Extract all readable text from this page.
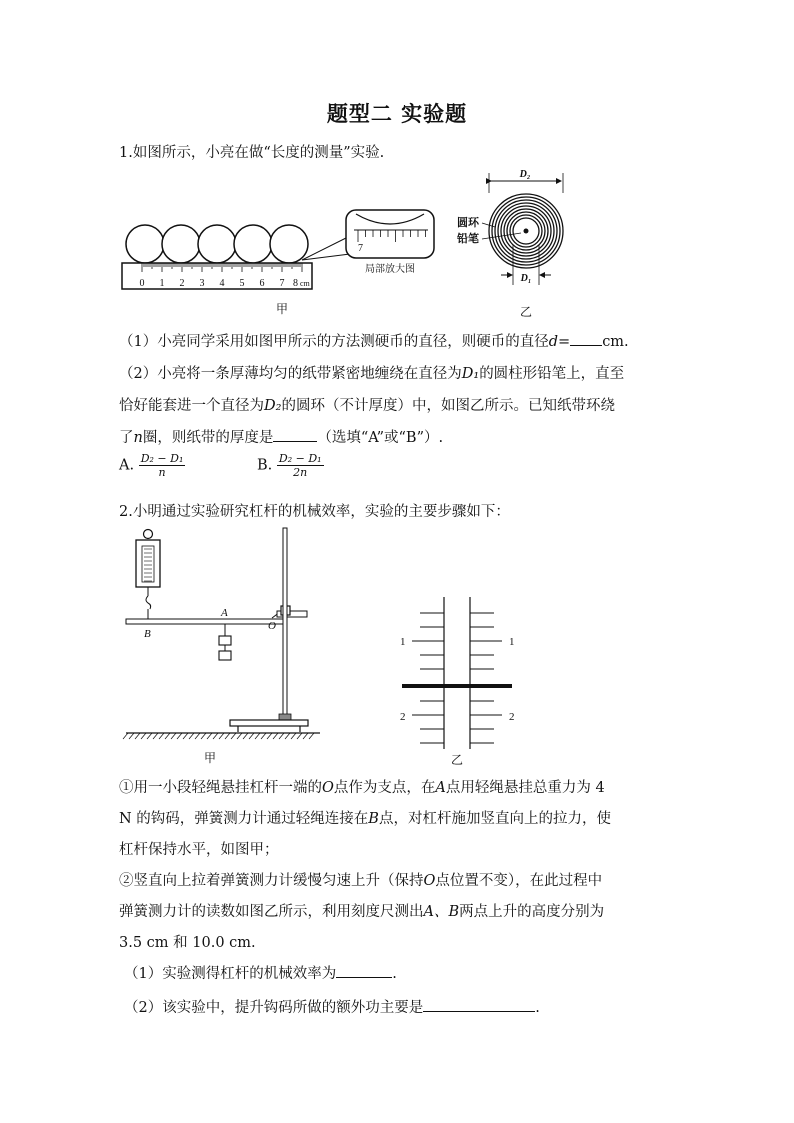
题型二 实验题
1.如图所示，小亮在做“长度的测量”实验.
0 1 2 3 4 5 6 7 8 cm
7
局部放大图
甲
D₂
圆环
铅笔
D₁
乙
（1）小亮同学采用如图甲所示的方法测硬币的直径，则硬币的直径d= cm.
（2）小亮将一条厚薄均匀的纸带紧密地缠绕在直径为D₁的圆柱形铅笔上，直至
恰好能套进一个直径为D₂的圆环（不计厚度）中，如图乙所示。已知纸带环绕
了n圈，则纸带的厚度是	（选填“A”或“B”）.
A. $\frac{\text{D₂ − D₁}}{n}$	B. $\frac{\text{D₂ − D₁}}{2n}$
2.小明通过实验研究杠杆的机械效率，实验的主要步骤如下：
B
A
O
甲
1	1
2	2
乙
①用一小段轻绳悬挂杠杆一端的O点作为支点，在A点用轻绳悬挂总重力为 4
N 的钩码，弹簧测力计通过轻绳连接在B点，对杠杆施加竖直向上的拉力，使
杠杆保持水平，如图甲；
②竖直向上拉着弹簧测力计缓慢匀速上升（保持O点位置不变），在此过程中
弹簧测力计的读数如图乙所示，利用刻度尺测出A、B两点上升的高度分别为
3.5 cm 和 10.0 cm.
（1）实验测得杠杆的机械效率为	.
（2）该实验中，提升钩码所做的额外功主要是	.
